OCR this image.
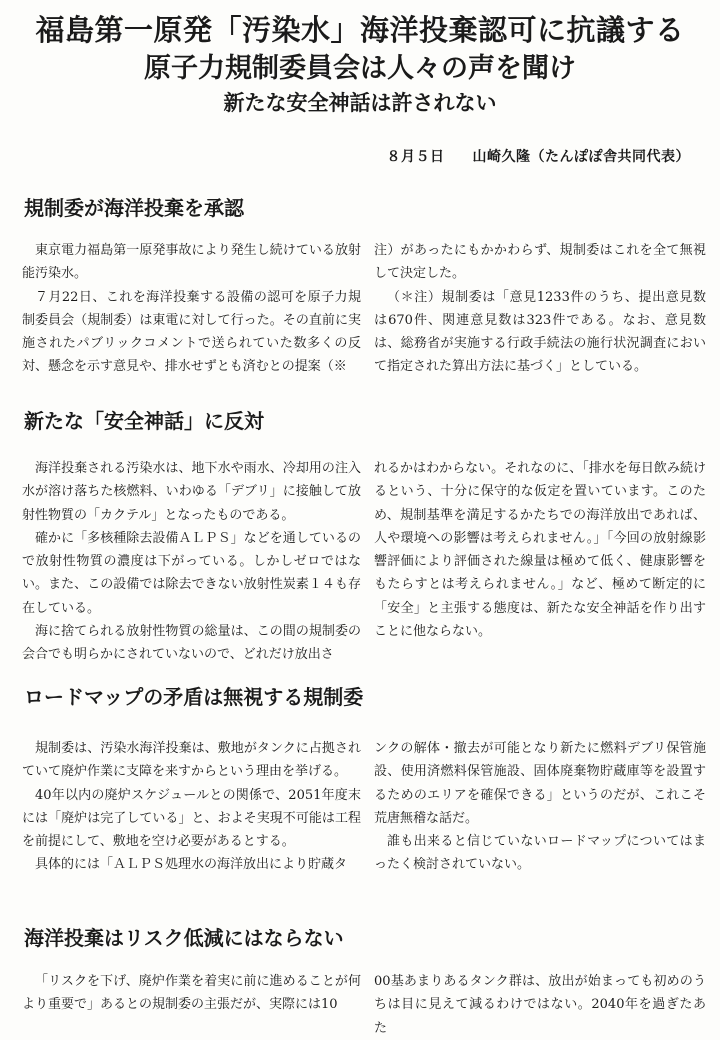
福島第一原発「汚染水」海洋投棄認可に抗議する
原子力規制委員会は人々の声を聞け
新たな安全神話は許されない
８月５日 山崎久隆（たんぽぽ舎共同代表）
規制委が海洋投棄を承認

東京電力福島第一原発事故により発生し続けている放射能汚染水。

７月22日、これを海洋投棄する設備の認可を原子力規制委員会（規制委）は東電に対して行った。その直前に実施されたパブリックコメントで送られていた数多くの反対、懸念を示す意見や、排水せずとも済むとの提案（※

注）があったにもかかわらず、規制委はこれを全て無視して決定した。

（＊注）規制委は「意見1233件のうち、提出意見数は670件、関連意見数は323件である。なお、意見数は、総務省が実施する行政手続法の施行状況調査において指定された算出方法に基づく」としている。

新たな「安全神話」に反対

海洋投棄される汚染水は、地下水や雨水、冷却用の注入水が溶け落ちた核燃料、いわゆる「デブリ」に接触して放射性物質の「カクテル」となったものである。

確かに「多核種除去設備ＡＬＰＳ」などを通しているので放射性物質の濃度は下がっている。しかしゼロではない。また、この設備では除去できない放射性炭素１４も存在している。

海に捨てられる放射性物質の総量は、この間の規制委の会合でも明らかにされていないので、どれだけ放出さ

れるかはわからない。それなのに、「排水を毎日飲み続けるという、十分に保守的な仮定を置いています。このため、規制基準を満足するかたちでの海洋放出であれば、人や環境への影響は考えられません。」「今回の放射線影響評価により評価された線量は極めて低く、健康影響をもたらすとは考えられません。」など、極めて断定的に「安全」と主張する態度は、新たな安全神話を作り出すことに他ならない。

ロードマップの矛盾は無視する規制委

規制委は、汚染水海洋投棄は、敷地がタンクに占拠されていて廃炉作業に支障を来すからという理由を挙げる。

40年以内の廃炉スケジュールとの関係で、2051年度末には「廃炉は完了している」と、およそ実現不可能は工程を前提にして、敷地を空け必要があるとする。

具体的には「ＡＬＰＳ処理水の海洋放出により貯蔵タ

ンクの解体・撤去が可能となり新たに燃料デブリ保管施設、使用済燃料保管施設、固体廃棄物貯蔵庫等を設置するためのエリアを確保できる」というのだが、これこそ荒唐無稽な話だ。

誰も出来ると信じていないロードマップについてはまったく検討されていない。

海洋投棄はリスク低減にはならない

「リスクを下げ、廃炉作業を着実に前に進めることが何より重要で」あるとの規制委の主張だが、実際には10

00基あまりあるタンク群は、放出が始まっても初めのうちは目に見えて減るわけではない。2040年を過ぎたあた
